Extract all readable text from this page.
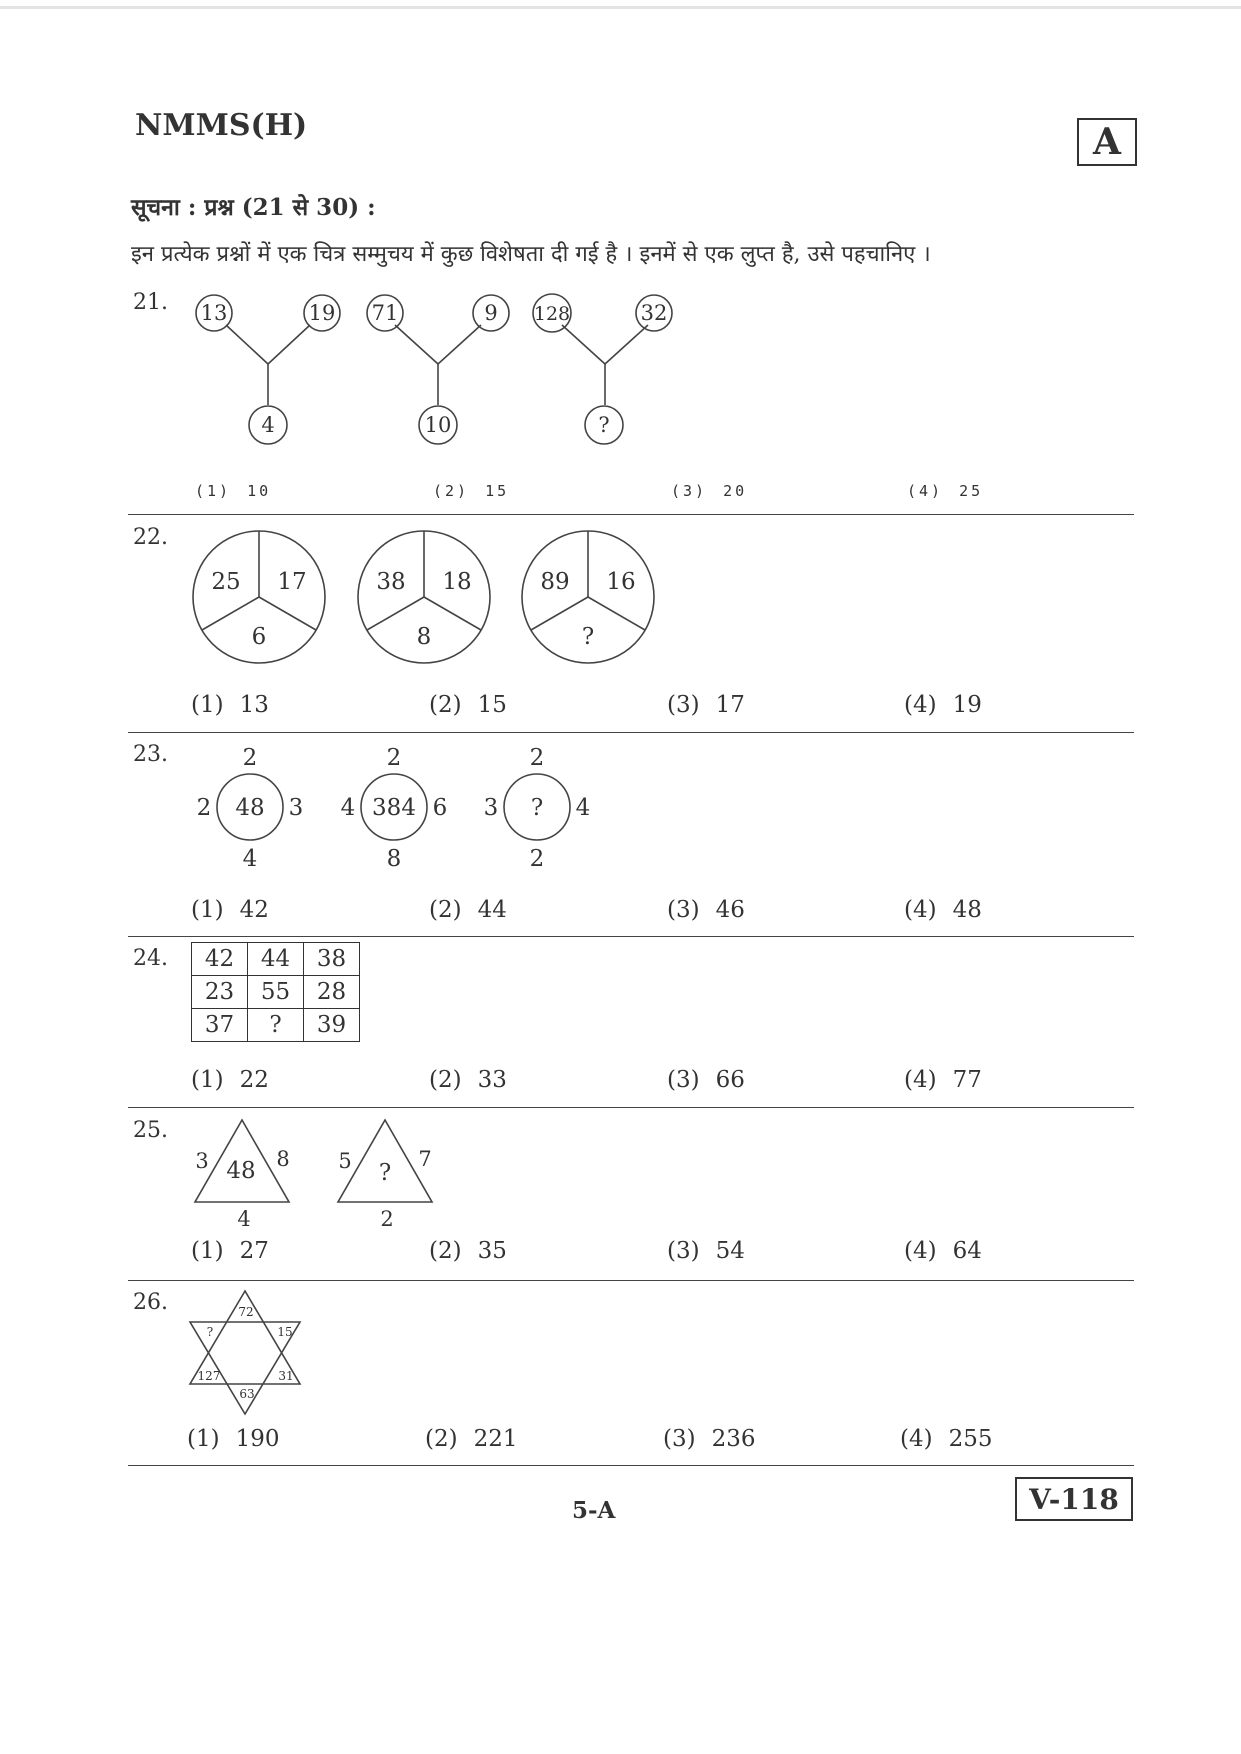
NMMS(H)	A
सूचना : प्रश्न (21 से 30) :
इन प्रत्येक प्रश्नों में एक चित्र सम्मुचय में कुछ विशेषता दी गई है । इनमें से एक लुप्त है, उसे पहचानिए ।
21. 13	19
4
71	9
10
128	32
?
(1) 10	(2) 15	(3) 20	(4) 25
22.
25 17
6
38 18
8
89 16
?
(1) 13	(2) 15	(3) 17	(4) 19
23.	2
2 48 3
4
2
4 384 6
8
2
3 ? 4
2
(1) 42	(2) 44	(3) 46	(4) 48
24. 42	44	38
23	55	28
37	?	39
(1) 22	(2) 33	(3) 66	(4) 77
25.
3 48 8
4
5 ?
7
2
(1) 27	(2) 35	(3) 54	(4) 64
26.	72
?	15
127	31
63
(1) 190	(2) 221	(3) 236	(4) 255
5-A	V-118
